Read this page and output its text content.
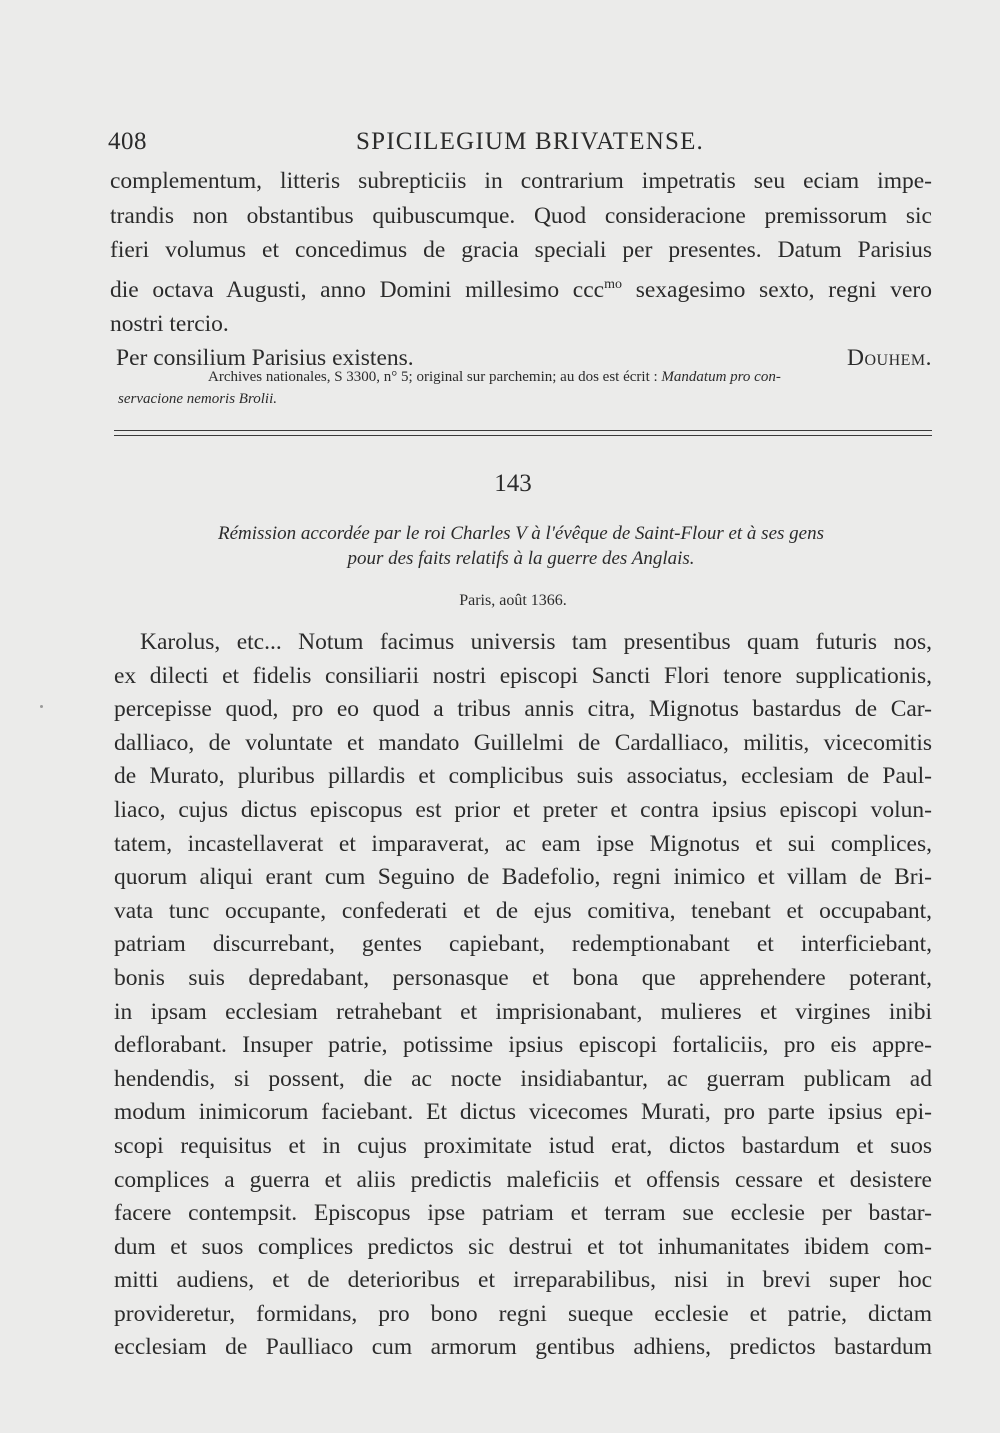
408	SPICILEGIUM BRIVATENSE.
complementum, litteris subrepticiis in contrarium impetratis seu eciam impe-
trandis non obstantibus quibuscumque. Quod consideracione premissorum sic
fieri volumus et concedimus de gracia speciali per presentes. Datum Parisius
die octava Augusti, anno Domini millesimo ccc$^{mo}$ sexagesimo sexto, regni vero
nostri tercio.
Per consilium Parisius existens.	Douhem.
Archives nationales, S 3300, n° 5; original sur parchemin; au dos est écrit : Mandatum pro con-
servacione nemoris Brolii.
143
Rémission accordée par le roi Charles V à l'évêque de Saint-Flour et à ses gens
pour des faits relatifs à la guerre des Anglais.
Paris, août 1366.
Karolus, etc... Notum facimus universis tam presentibus quam futuris nos,
ex dilecti et fidelis consiliarii nostri episcopi Sancti Flori tenore supplicationis,
percepisse quod, pro eo quod a tribus annis citra, Mignotus bastardus de Car-
dalliaco, de voluntate et mandato Guillelmi de Cardalliaco, militis, vicecomitis
de Murato, pluribus pillardis et complicibus suis associatus, ecclesiam de Paul-
liaco, cujus dictus episcopus est prior et preter et contra ipsius episcopi volun-
tatem, incastellaverat et imparaverat, ac eam ipse Mignotus et sui complices,
quorum aliqui erant cum Seguino de Badefolio, regni inimico et villam de Bri-
vata tunc occupante, confederati et de ejus comitiva, tenebant et occupabant,
patriam discurrebant, gentes capiebant, redemptionabant et interficiebant,
bonis suis depredabant, personasque et bona que apprehendere poterant,
in ipsam ecclesiam retrahebant et imprisionabant, mulieres et virgines inibi
deflorabant. Insuper patrie, potissime ipsius episcopi fortaliciis, pro eis appre-
hendendis, si possent, die ac nocte insidiabantur, ac guerram publicam ad
modum inimicorum faciebant. Et dictus vicecomes Murati, pro parte ipsius epi-
scopi requisitus et in cujus proximitate istud erat, dictos bastardum et suos
complices a guerra et aliis predictis maleficiis et offensis cessare et desistere
facere contempsit. Episcopus ipse patriam et terram sue ecclesie per bastar-
dum et suos complices predictos sic destrui et tot inhumanitates ibidem com-
mitti audiens, et de deterioribus et irreparabilibus, nisi in brevi super hoc
provideretur, formidans, pro bono regni sueque ecclesie et patrie, dictam
ecclesiam de Paulliaco cum armorum gentibus adhiens, predictos bastardum
